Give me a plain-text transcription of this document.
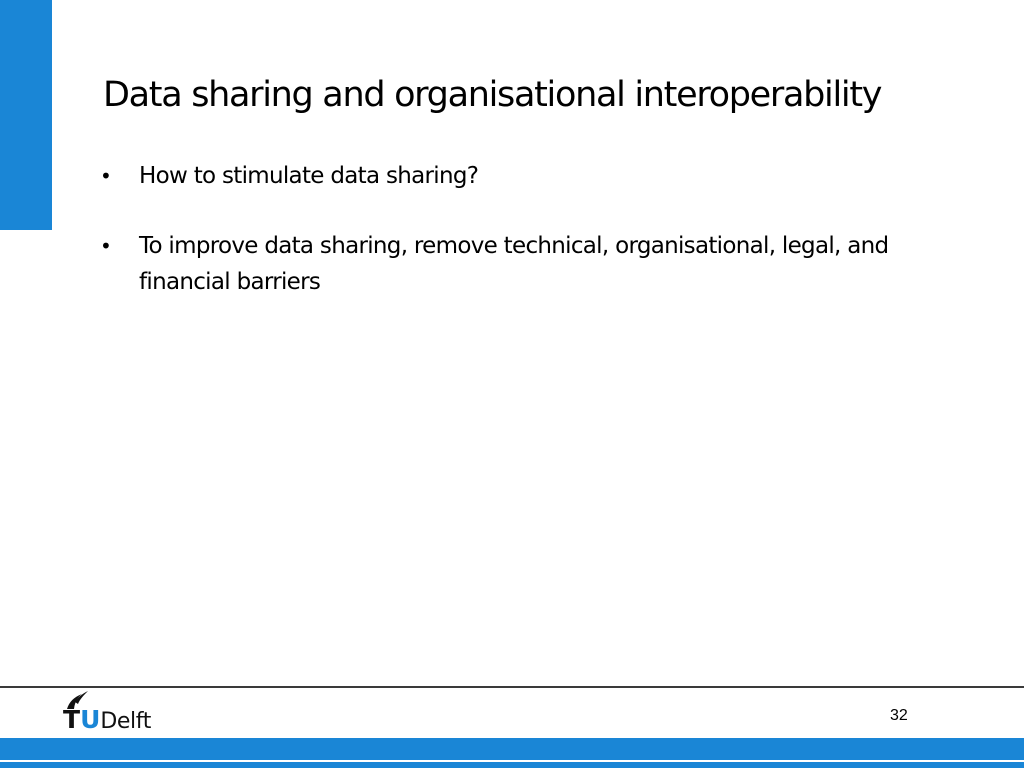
Data sharing and organisational interoperability
• How to stimulate data sharing?
• To improve data sharing, remove technical, organisational, legal, and financial barriers
TUDelft	32
